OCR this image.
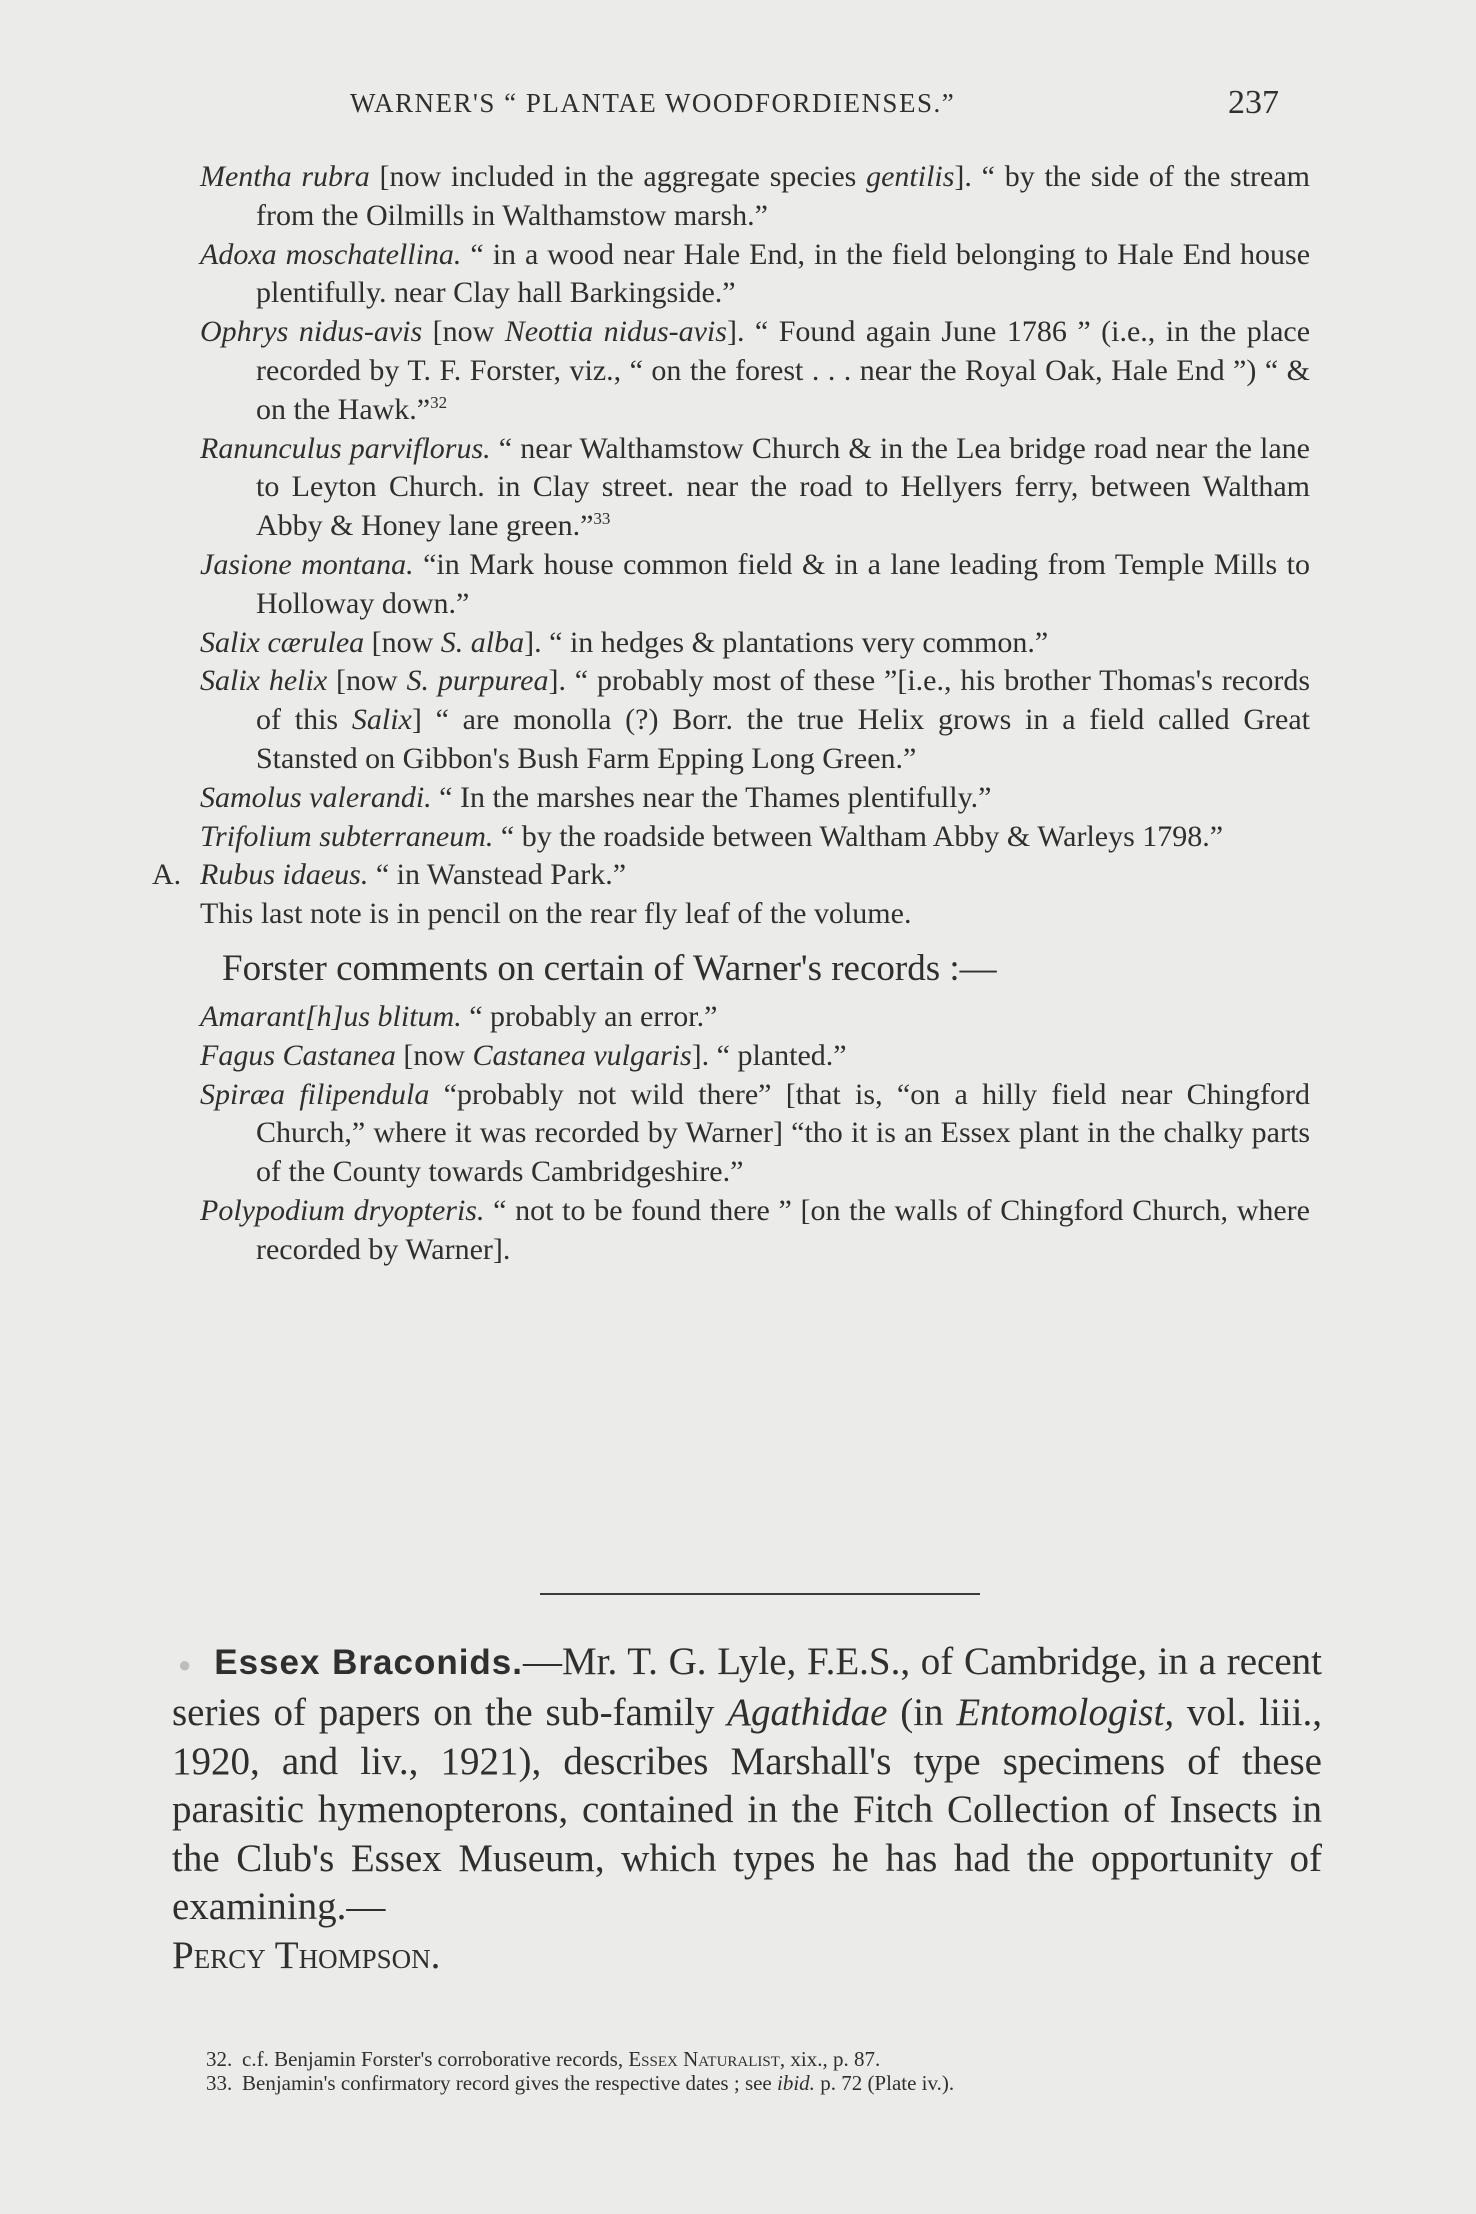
WARNER'S “ PLANTAE WOODFORDIENSES.”	237
Mentha rubra [now included in the aggregate species gentilis]. “ by the side of the stream from the Oilmills in Walthamstow marsh.”
Adoxa moschatellina. “ in a wood near Hale End, in the field belonging to Hale End house plentifully. near Clay hall Barkingside.”
Ophrys nidus-avis [now Neottia nidus-avis]. “ Found again June 1786 ” (i.e., in the place recorded by T. F. Forster, viz., “ on the forest . . . near the Royal Oak, Hale End ”) “ & on the Hawk.”$^{32}$
Ranunculus parviflorus. “ near Walthamstow Church & in the Lea bridge road near the lane to Leyton Church. in Clay street. near the road to Hellyers ferry, between Waltham Abby & Honey lane green.”$^{33}$
Jasione montana. “in Mark house common field & in a lane leading from Temple Mills to Holloway down.”
Salix cærulea [now S. alba]. “ in hedges & plantations very common.”
Salix helix [now S. purpurea]. “ probably most of these ”[i.e., his brother Thomas's records of this Salix] “ are monolla (?) Borr. the true Helix grows in a field called Great Stansted on Gibbon's Bush Farm Epping Long Green.”
Samolus valerandi. “ In the marshes near the Thames plentifully.”
Trifolium subterraneum. “ by the roadside between Waltham Abby & Warleys 1798.”
A. Rubus idaeus. “ in Wanstead Park.”
This last note is in pencil on the rear fly leaf of the volume.
Forster comments on certain of Warner's records :—
Amarant[h]us blitum. “ probably an error.”
Fagus Castanea [now Castanea vulgaris]. “ planted.”
Spiræa filipendula “probably not wild there” [that is, “on a hilly field near Chingford Church,” where it was recorded by Warner] “tho it is an Essex plant in the chalky parts of the County towards Cambridgeshire.”
Polypodium dryopteris. “ not to be found there ” [on the walls of Chingford Church, where recorded by Warner].
● Essex Braconids.—Mr. T. G. Lyle, F.E.S., of Cambridge, in a recent series of papers on the sub-family Agathidae (in Entomologist, vol. liii., 1920, and liv., 1921), describes Marshall's type specimens of these parasitic hymenopterons, contained in the Fitch Collection of Insects in the Club's Essex Museum, which types he has had the opportunity of examining.—
Percy Thompson.
32. c.f. Benjamin Forster's corroborative records, Essex Naturalist, xix., p. 87.
33. Benjamin's confirmatory record gives the respective dates ; see ibid. p. 72 (Plate iv.).
